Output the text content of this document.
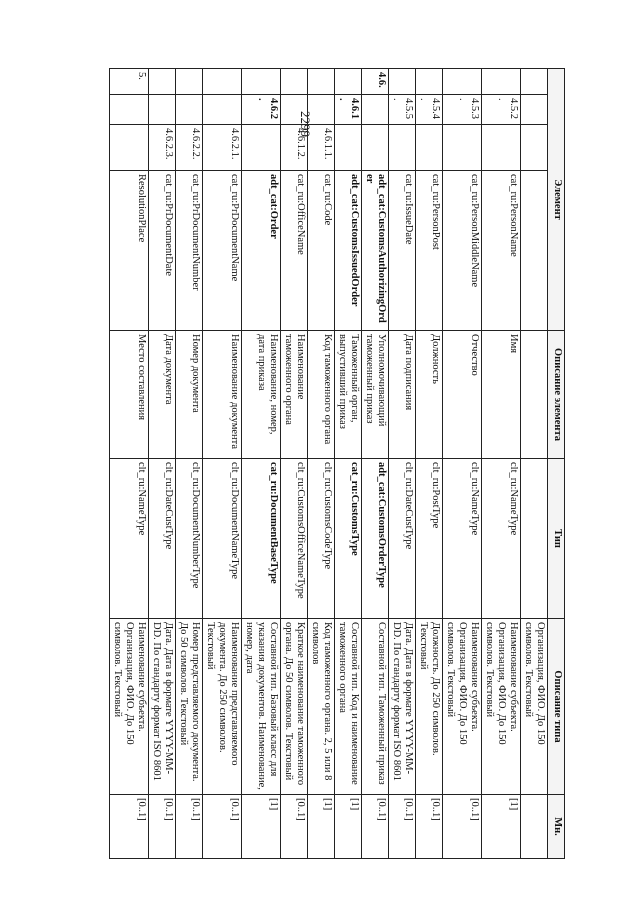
2299
Элемент				Описание элемента	Тип	Описание типа	Мн.
						Организация, ФИО. До 150 символов. Текстовый	
	4.5.2.		cat_ru:PersonName	Имя	clt_ru:NameType	Наименование субъекта. Организация, ФИО. До 150 символов. Текстовый	[1]
	4.5.3.		cat_ru:PersonMiddleName	Отчество	clt_ru:NameType	Наименование субъекта. Организация, ФИО. До 150 символов. Текстовый	[0..1]
	4.5.4.		cat_ru:PersonPost	Должность	clt_ru:PostType	Должность. До 250 символов. Текстовый	[0..1]
	4.5.5.		cat_ru:IssueDate	Дата подписания	clt_ru:DateCustType	Дата. Дата в формате YYYY-MM-DD. По стандарту формат ISO 8601	[0..1]
4.6.			adt_cat:CustomsAuthorizingOrder	Уполномочивающий таможенный приказ	adt_cat:CustomsOrderType	Составной тип. Таможенный приказ	[0..1]
	4.6.1.		adt_cat:CustomsIssuedOrder	Таможенный орган, выпустивший приказ	cat_ru:CustomsType	Составной тип. Код и наименование таможенного органа	[1]
		4.6.1.1.	cat_ru:Code	Код таможенного органа	clt_ru:CustomsCodeType	Код таможенного органа. 2, 5 или 8 символов	[1]
		4.6.1.2.	cat_ru:OfficeName	Наименование таможенного органа	clt_ru:CustomsOfficeNameType	Краткое наименование таможенного органа. До 50 символов. Текстовый	[0..1]
	4.6.2.		adt_cat:Order	Наименование, номер, дата приказа	cat_ru:DocumentBaseType	Составной тип. Базовый класс для указания документов. Наименование, номер, дата	[1]
		4.6.2.1.	cat_ru:PrDocumentName	Наименование документа	clt_ru:DocumentNameType	Наименование представляемого документа. До 250 символов. Текстовый	[0..1]
		4.6.2.2.	cat_ru:PrDocumentNumber	Номер документа	clt_ru:DocumentNumberType	Номер представляемого документа. До 50 символов. Текстовый	[0..1]
		4.6.2.3.	cat_ru:PrDocumentDate	Дата документа	clt_ru:DateCustType	Дата. Дата в формате YYYY-MM-DD. По стандарту формат ISO 8601	[0..1]
5.			ResolutionPlace	Место составления	clt_ru:NameType	Наименование субъекта. Организация, ФИО. До 150 символов. Текстовый	[0..1]
